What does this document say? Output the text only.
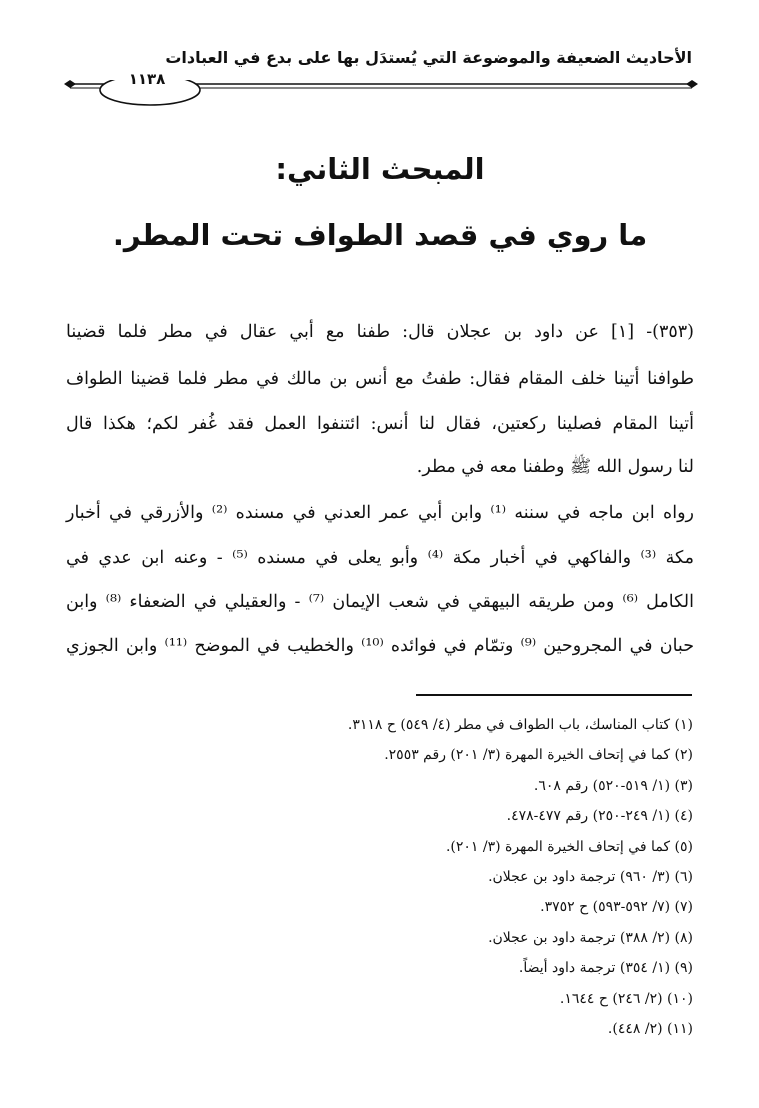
الأحاديث الضعيفة والموضوعة التي يُستدَل بها على بدع في العبادات
١١٣٨
المبحث الثاني:
ما روي في قصد الطواف تحت المطر.
(٣٥٣)- [١] عن داود بن عجلان قال: طفنا مع أبي عقال في مطر فلما قضينا
طوافنا أتينا خلف المقام فقال: طفتُ مع أنس بن مالك في مطر فلما قضينا الطواف
أتينا المقام فصلينا ركعتين، فقال لنا أنس: ائتنفوا العمل فقد غُفر لكم؛ هكذا قال
لنا رسول الله ﷺ وطفنا معه في مطر.
رواه ابن ماجه في سننه ⁽¹⁾ وابن أبي عمر العدني في مسنده ⁽²⁾ والأزرقي في أخبار
مكة ⁽³⁾ والفاكهي في أخبار مكة ⁽⁴⁾ وأبو يعلى في مسنده ⁽⁵⁾ - وعنه ابن عدي في
الكامل ⁽⁶⁾ ومن طريقه البيهقي في شعب الإيمان ⁽⁷⁾ - والعقيلي في الضعفاء ⁽⁸⁾ وابن
حبان في المجروحين ⁽⁹⁾ وتمّام في فوائده ⁽¹⁰⁾ والخطيب في الموضح ⁽¹¹⁾ وابن الجوزي
(١) كتاب المناسك، باب الطواف في مطر (٤/ ٥٤٩) ح ٣١١٨.
(٢) كما في إتحاف الخيرة المهرة (٣/ ٢٠١) رقم ٢٥٥٣.
(٣) (١/ ٥١٩-٥٢٠) رقم ٦٠٨.
(٤) (١/ ٢٤٩-٢٥٠) رقم ٤٧٧-٤٧٨.
(٥) كما في إتحاف الخيرة المهرة (٣/ ٢٠١).
(٦) (٣/ ٩٦٠) ترجمة داود بن عجلان.
(٧) (٧/ ٥٩٢-٥٩٣) ح ٣٧٥٢.
(٨) (٢/ ٣٨٨) ترجمة داود بن عجلان.
(٩) (١/ ٣٥٤) ترجمة داود أيضاً.
(١٠) (٢/ ٢٤٦) ح ١٦٤٤.
(١١) (٢/ ٤٤٨).
